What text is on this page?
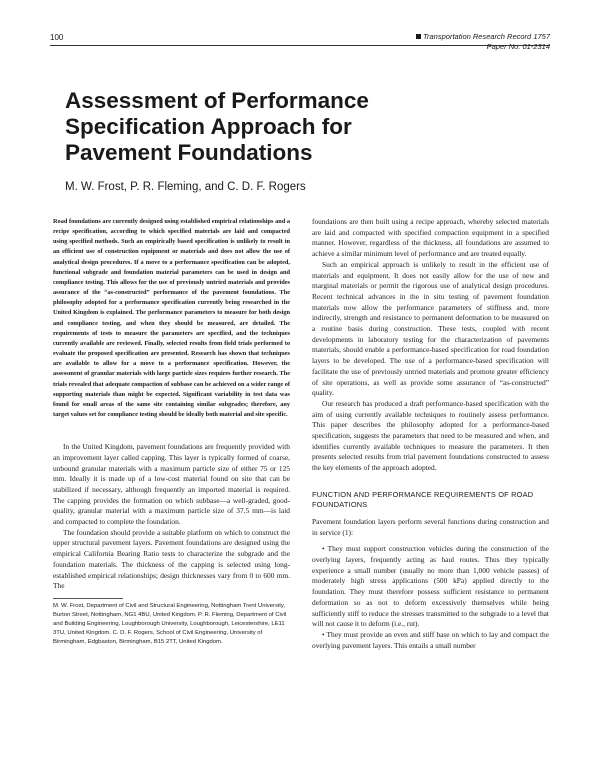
100	Transportation Research Record 1757
Paper No. 01-2314
Assessment of Performance Specification Approach for Pavement Foundations
M. W. Frost, P. R. Fleming, and C. D. F. Rogers

Road foundations are currently designed using established empirical relationships and a recipe specification, according to which specified materials are laid and compacted using specified methods. Such an empirically based specification is unlikely to result in an efficient use of construction equipment or materials and does not allow the use of analytical design procedures. If a move to a performance specification can be adopted, functional subgrade and foundation material parameters can be used in design and compliance testing. This allows for the use of previously untried materials and provides assurance of the “as-constructed” performance of the pavement foundations. The philosophy adopted for a performance specification currently being researched in the United Kingdom is explained. The performance parameters to measure for both design and compliance testing, and when they should be measured, are detailed. The requirements of tests to measure the parameters are specified, and the techniques currently available are reviewed. Finally, selected results from field trials performed to evaluate the proposed specification are presented. Research has shown that techniques are available to allow for a move to a performance specification. However, the assessment of granular materials with large particle sizes requires further research. The trials revealed that adequate compaction of subbase can be achieved on a wider range of supporting materials than might be expected. Significant variability in test data was found for small areas of the same site containing similar subgrades; therefore, any target values set for compliance testing should be ideally both material and site specific.

In the United Kingdom, pavement foundations are frequently provided with an improvement layer called capping. This layer is typically formed of coarse, unbound granular materials with a maximum particle size of either 75 or 125 mm. Ideally it is made up of a low-cost material found on site that can be stabilized if necessary, although frequently an imported material is required. The capping provides the formation on which subbase—a well-graded, good-quality, granular material with a maximum particle size of 37.5 mm—is laid and compacted to complete the foundation.

The foundation should provide a suitable platform on which to construct the upper structural pavement layers. Pavement foundations are designed using the empirical California Bearing Ratio tests to characterize the subgrade and the foundation materials. The thickness of the capping is selected using long-established empirical relationships; design thicknesses vary from 0 to 600 mm. The

M. W. Frost, Department of Civil and Structural Engineering, Nottingham Trent University, Burton Street, Nottingham, NG1 4BU, United Kingdom. P. R. Fleming, Department of Civil and Building Engineering, Loughborough University, Loughborough, Leicestershire, LE11 3TU, United Kingdom. C. D. F. Rogers, School of Civil Engineering, University of Birmingham, Edgbaston, Birmingham, B15 2TT, United Kingdom.

foundations are then built using a recipe approach, whereby selected materials are laid and compacted with specified compaction equipment in a specified manner. However, regardless of the thickness, all foundations are assumed to achieve a similar minimum level of performance and are treated equally.

Such an empirical approach is unlikely to result in the efficient use of materials and equipment. It does not easily allow for the use of new and marginal materials or permit the rigorous use of analytical design procedures. Recent technical advances in the in situ testing of pavement foundation materials now allow the performance parameters of stiffness and, more indirectly, strength and resistance to permanent deformation to be measured on a routine basis during construction. These tests, coupled with recent developments in laboratory testing for the characterization of pavements materials, should enable a performance-based specification for road foundation layers to be developed. The use of a performance-based specification will facilitate the use of previously untried materials and promote greater efficiency of site operations, as well as provide some assurance of “as-constructed” quality.

Our research has produced a draft performance-based specification with the aim of using currently available techniques to routinely assess performance. This paper describes the philosophy adopted for a performance-based specification, suggests the parameters that need to be measured and when, and identifies currently available techniques to measure the parameters. It then presents selected results from trial pavement foundations constructed to assess the key elements of the approach adopted.

FUNCTION AND PERFORMANCE REQUIREMENTS OF ROAD FOUNDATIONS

Pavement foundation layers perform several functions during construction and in service (1):

• They must support construction vehicles during the construction of the overlying layers, frequently acting as haul routes. Thus they typically experience a small number (usually no more than 1,000 vehicle passes) of moderately high stress applications (500 kPa) applied directly to the foundation. They must therefore possess sufficient resistance to permanent deformation so as not to deform excessively themselves while being sufficiently stiff to reduce the stresses transmitted to the subgrade to a level that will not cause it to deform (i.e., rut).

• They must provide an even and stiff base on which to lay and compact the overlying pavement layers. This entails a small number
